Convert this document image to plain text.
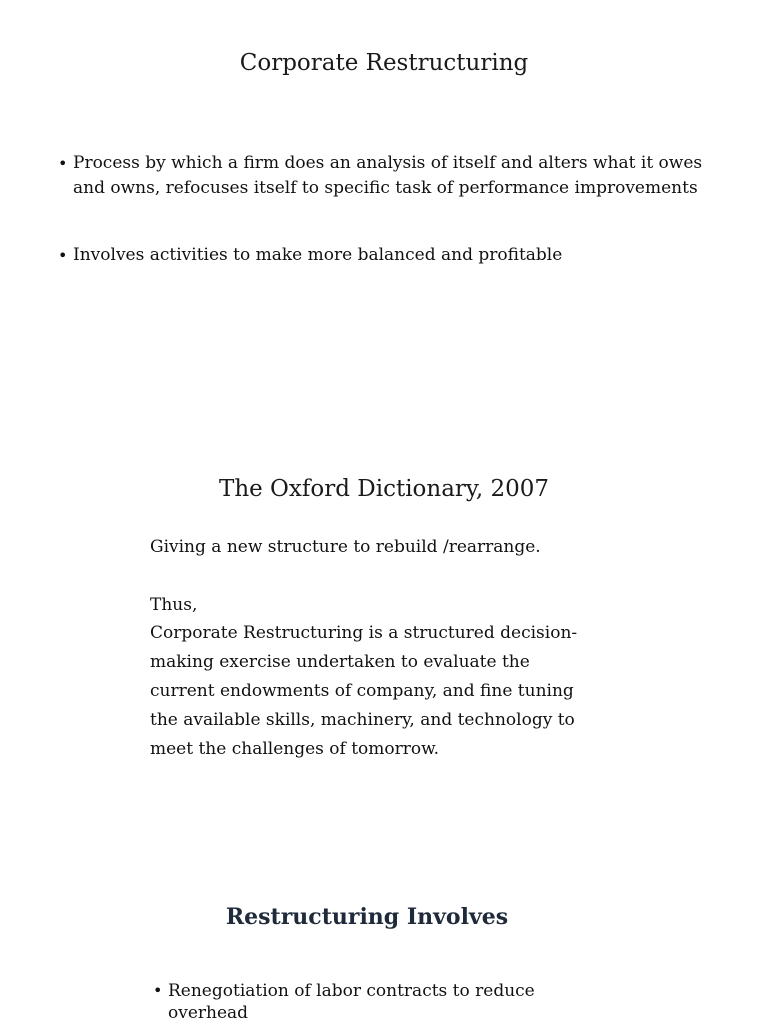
Corporate Restructuring
• Process by which a firm does an analysis of itself and alters what it owes and owns, refocuses itself to specific task of performance improvements
• Involves activities to make more balanced and profitable
The Oxford Dictionary, 2007
Giving a new structure to rebuild /rearrange.

Thus,
Corporate Restructuring is a structured decision-
making exercise undertaken to evaluate the
current endowments of company, and fine tuning
the available skills, machinery, and technology to
meet the challenges of tomorrow.
Restructuring Involves
• Renegotiation of labor contracts to reduce overhead
